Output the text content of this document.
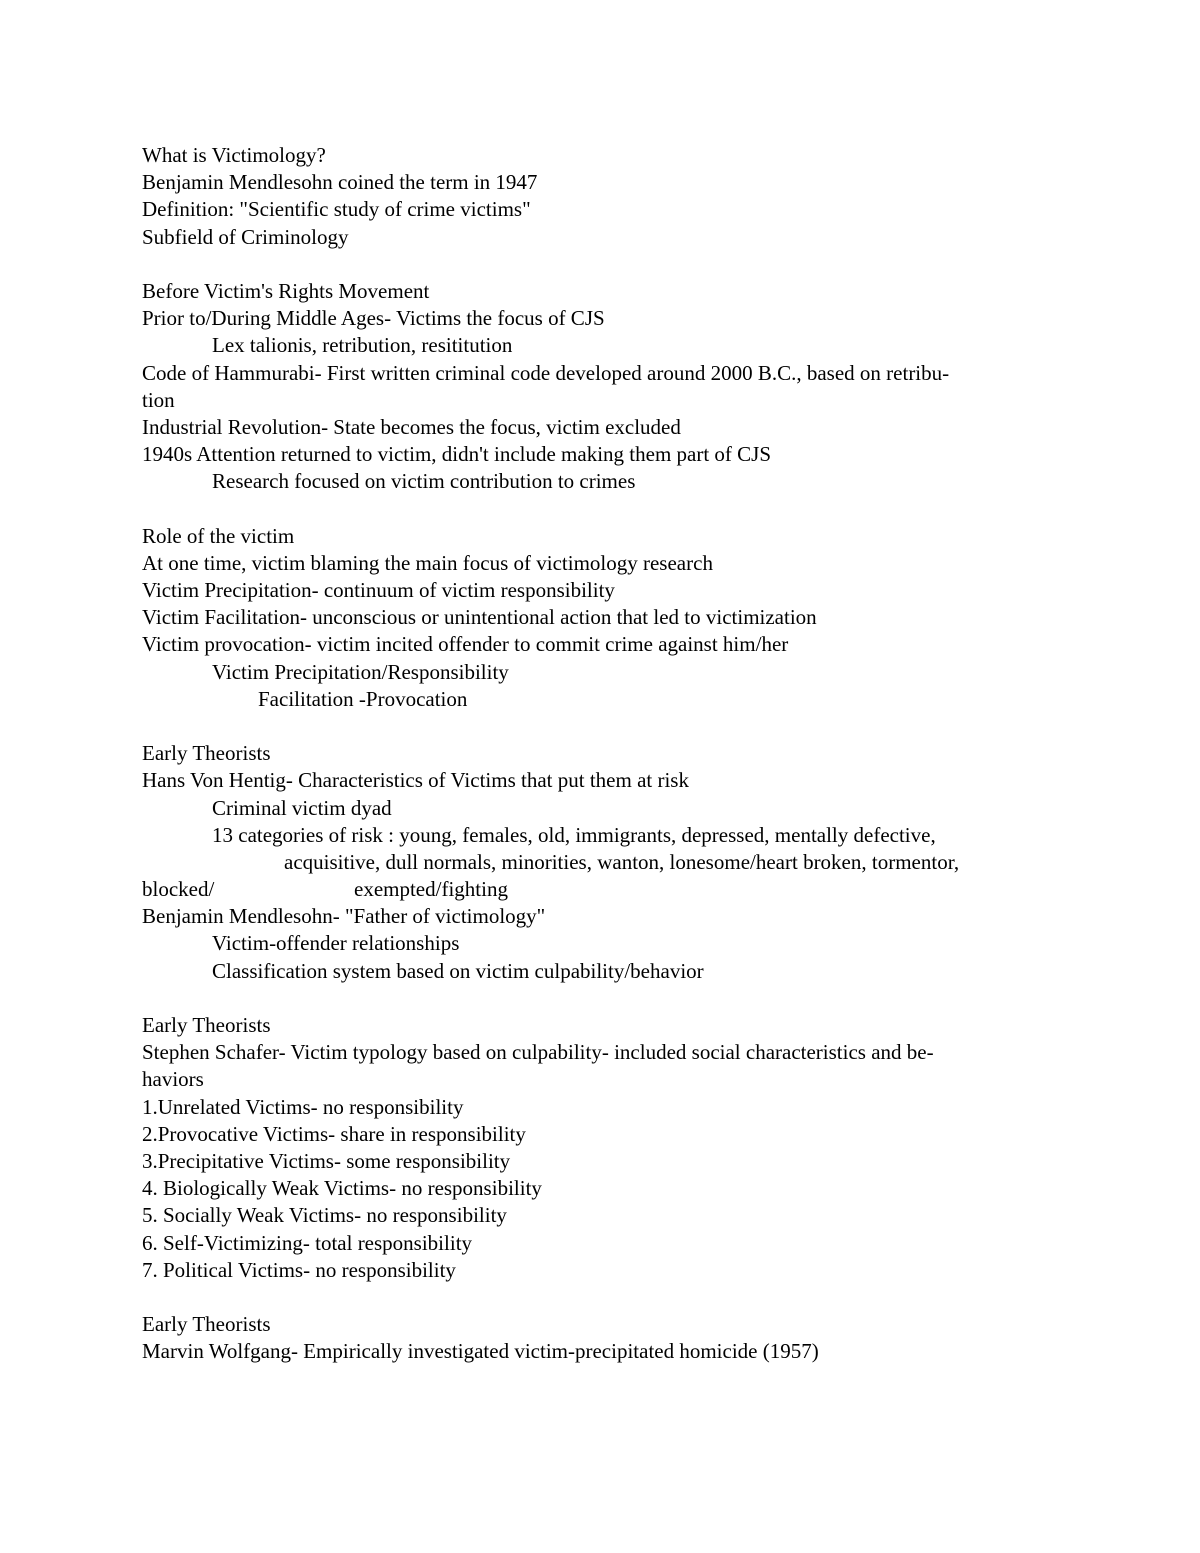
What is Victimology?
Benjamin Mendlesohn coined the term in 1947
Definition: "Scientific study of crime victims"
Subfield of Criminology
Before Victim's Rights Movement
Prior to/During Middle Ages- Victims the focus of CJS
Lex talionis, retribution, resititution
Code of Hammurabi- First written criminal code developed around 2000 B.C., based on retribu-
tion
Industrial Revolution- State becomes the focus, victim excluded
1940s Attention returned to victim, didn't include making them part of CJS
Research focused on victim contribution to crimes
Role of the victim
At one time, victim blaming the main focus of victimology research
Victim Precipitation- continuum of victim responsibility
Victim Facilitation- unconscious or unintentional action that led to victimization
Victim provocation- victim incited offender to commit crime against him/her
Victim Precipitation/Responsibility
Facilitation -Provocation
Early Theorists
Hans Von Hentig- Characteristics of Victims that put them at risk
Criminal victim dyad
13 categories of risk : young, females, old, immigrants, depressed, mentally defective,
acquisitive, dull normals, minorities, wanton, lonesome/heart broken, tormentor,
blocked/	exempted/fighting
Benjamin Mendlesohn- "Father of victimology"
Victim-offender relationships
Classification system based on victim culpability/behavior
Early Theorists
Stephen Schafer- Victim typology based on culpability- included social characteristics and be-
haviors
1.Unrelated Victims- no responsibility
2.Provocative Victims- share in responsibility
3.Precipitative Victims- some responsibility
4. Biologically Weak Victims- no responsibility
5. Socially Weak Victims- no responsibility
6. Self-Victimizing- total responsibility
7. Political Victims- no responsibility
Early Theorists
Marvin Wolfgang- Empirically investigated victim-precipitated homicide (1957)
